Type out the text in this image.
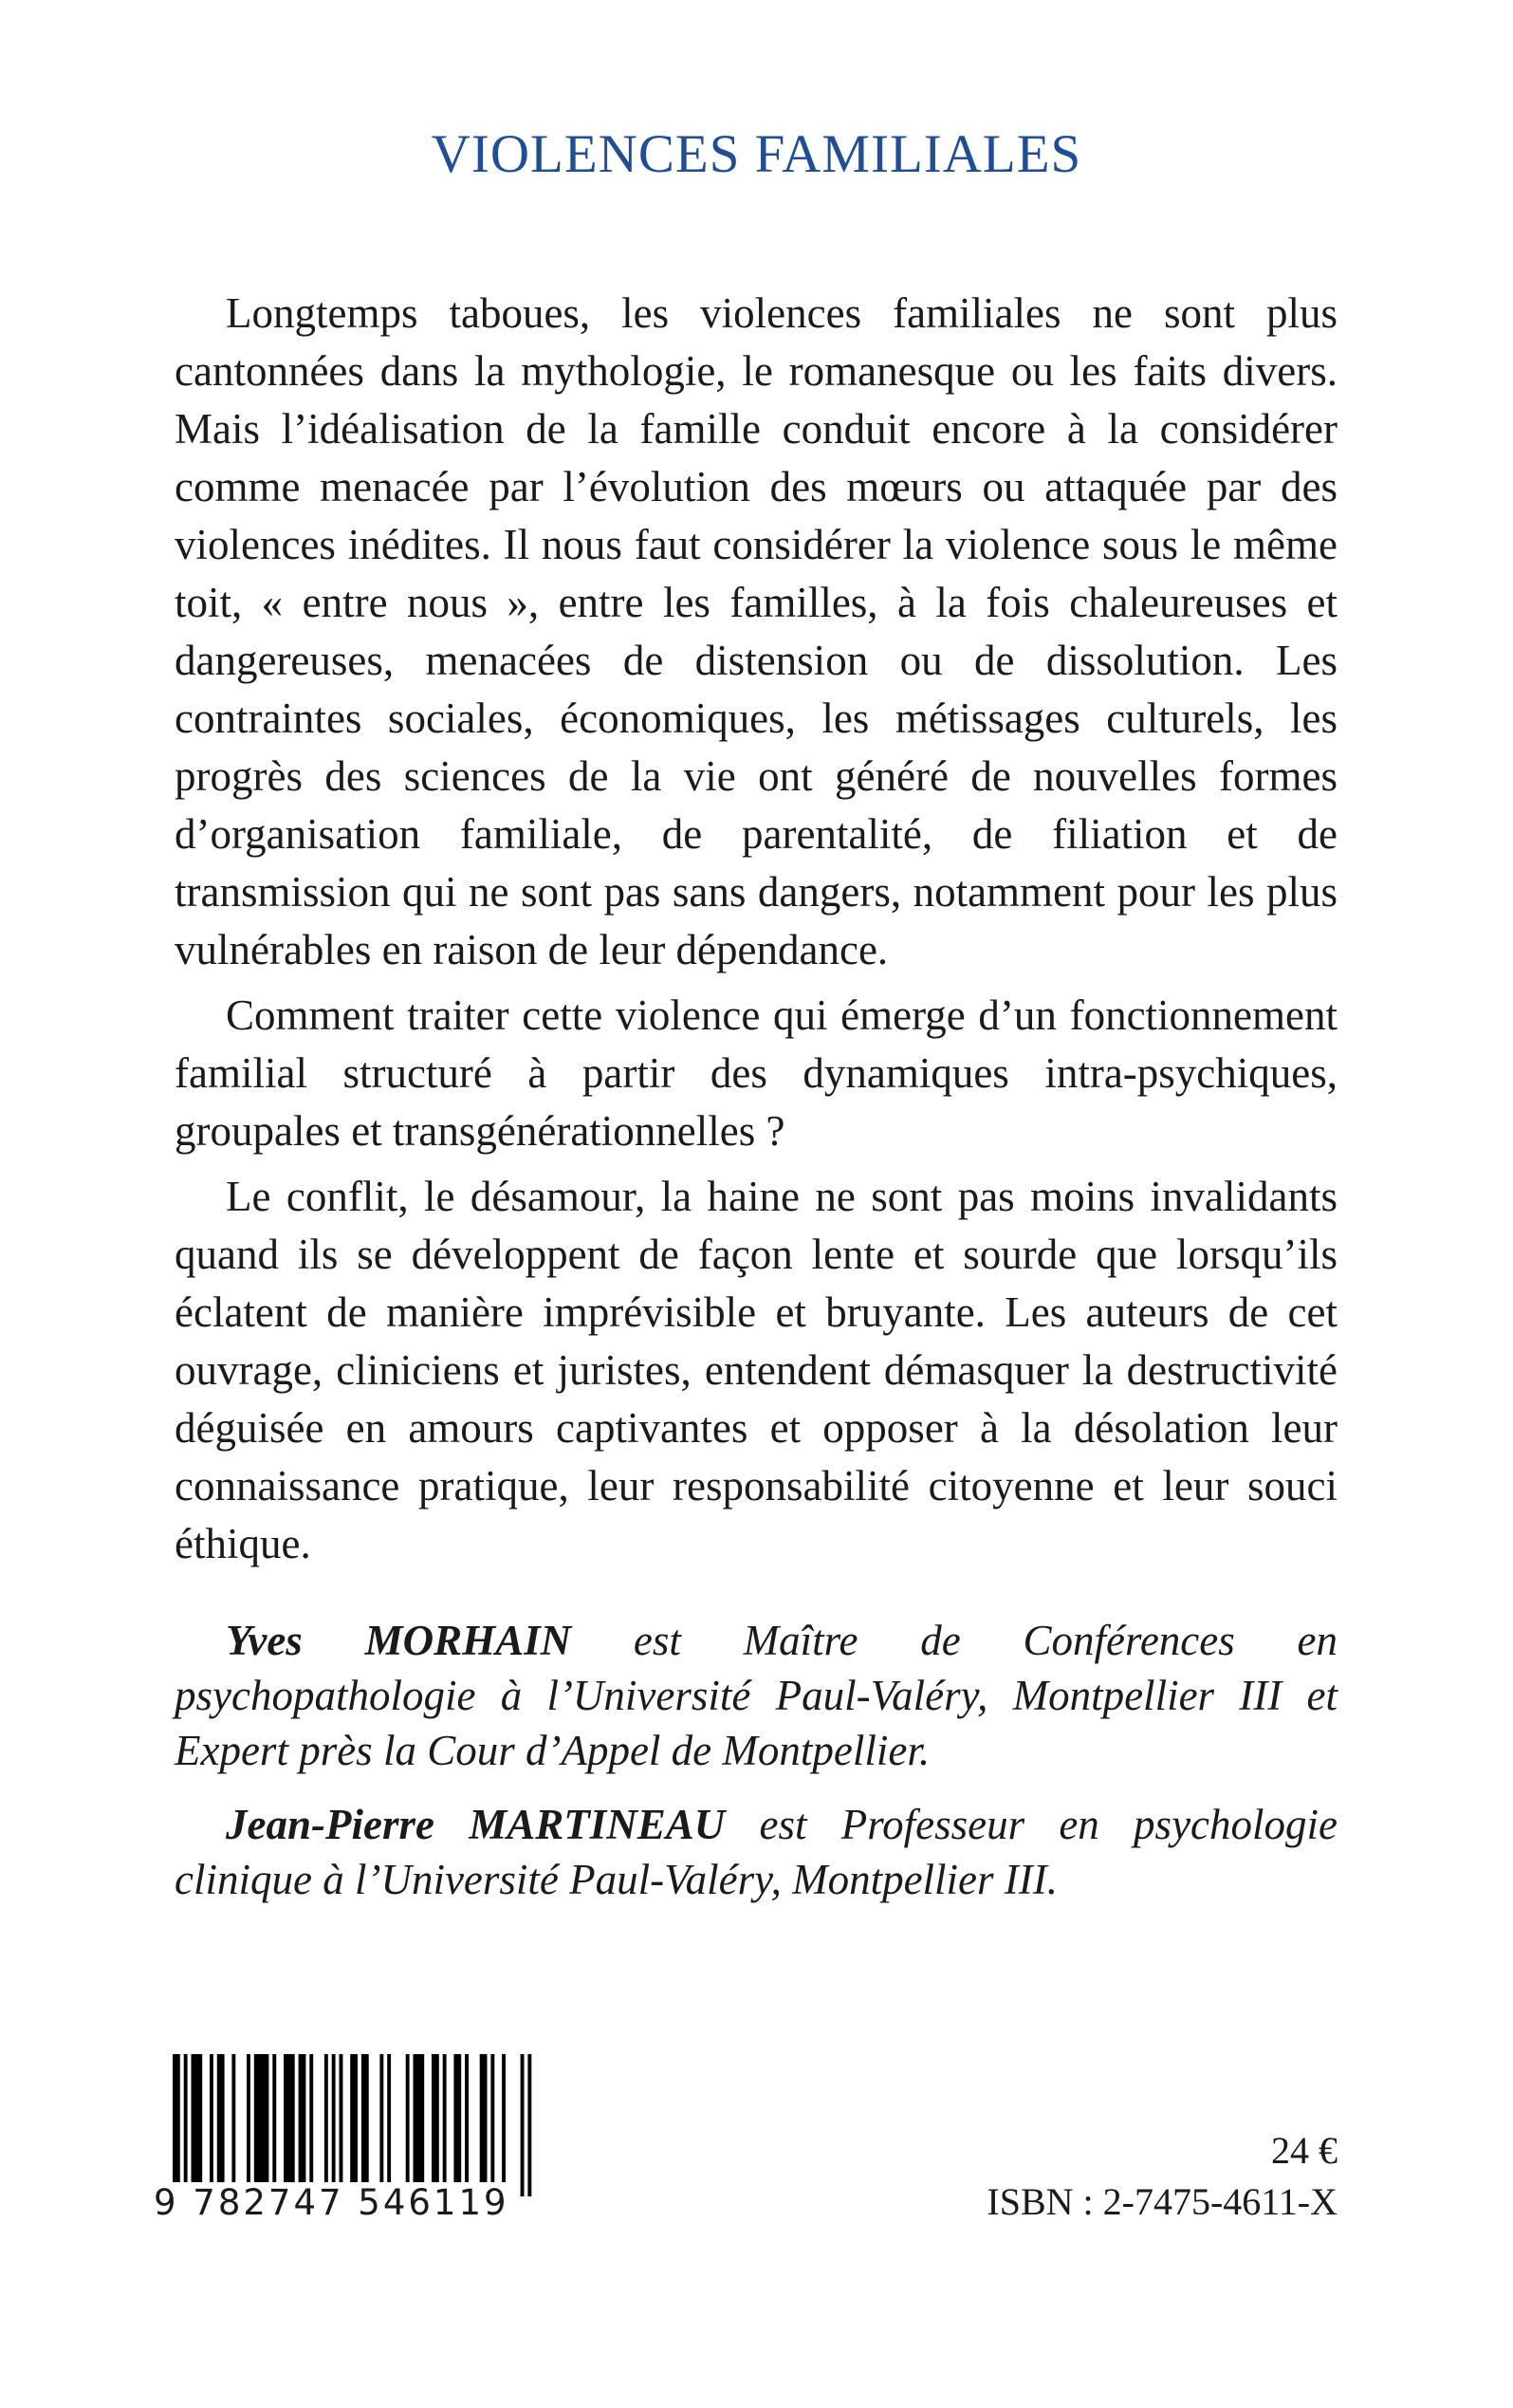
VIOLENCES FAMILIALES

Longtemps taboues, les violences familiales ne sont plus cantonnées dans la mythologie, le romanesque ou les faits divers. Mais l’idéalisation de la famille conduit encore à la considérer comme menacée par l’évolution des mœurs ou attaquée par des violences inédites. Il nous faut considérer la violence sous le même toit, « entre nous », entre les familles, à la fois chaleureuses et dangereuses, menacées de distension ou de dissolution. Les contraintes sociales, économiques, les métissages culturels, les progrès des sciences de la vie ont généré de nouvelles formes d’organisation familiale, de parentalité, de filiation et de transmission qui ne sont pas sans dangers, notamment pour les plus vulnérables en raison de leur dépendance.

Comment traiter cette violence qui émerge d’un fonctionnement familial structuré à partir des dynamiques intra-psychiques, groupales et transgénérationnelles ?

Le conflit, le désamour, la haine ne sont pas moins invalidants quand ils se développent de façon lente et sourde que lorsqu’ils éclatent de manière imprévisible et bruyante. Les auteurs de cet ouvrage, cliniciens et juristes, entendent démasquer la destructivité déguisée en amours captivantes et opposer à la désolation leur connaissance pratique, leur responsabilité citoyenne et leur souci éthique.

Yves MORHAIN est Maître de Conférences en psychopathologie à l’Université Paul-Valéry, Montpellier III et Expert près la Cour d’Appel de Montpellier.

Jean-Pierre MARTINEAU est Professeur en psychologie clinique à l’Université Paul-Valéry, Montpellier III.

9 782747 546119
24 €
ISBN : 2-7475-4611-X
